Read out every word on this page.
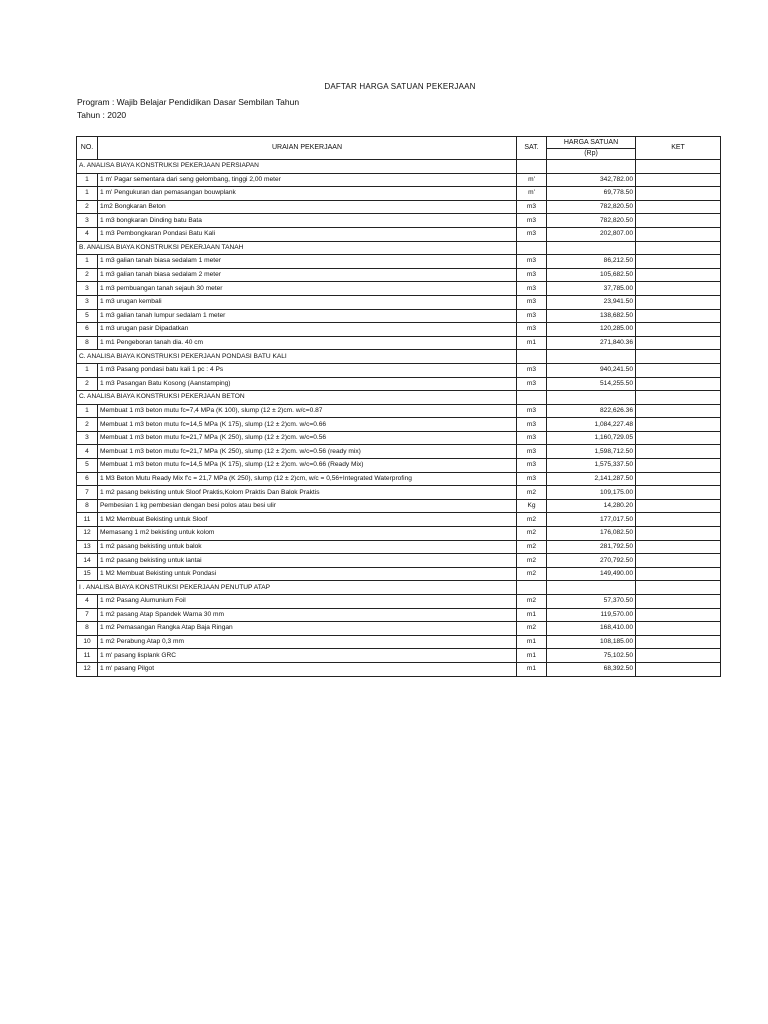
DAFTAR HARGA SATUAN PEKERJAAN
Program : Wajib Belajar Pendidikan Dasar Sembilan Tahun
Tahun : 2020
NO.	URAIAN PEKERJAAN	SAT.	HARGA SATUAN	KET
			(Rp)	
A. ANALISA BIAYA KONSTRUKSI PEKERJAAN PERSIAPAN				
1	1 m' Pagar sementara dari seng gelombang, tinggi 2,00 meter	m'	342,782.00	
1	1 m' Pengukuran dan pemasangan bouwplank	m'	69,778.50	
2	1m2 Bongkaran Beton	m3	782,820.50	
3	1 m3 bongkaran Dinding batu Bata	m3	782,820.50	
4	1 m3 Pembongkaran Pondasi Batu Kali	m3	202,807.00	
B. ANALISA BIAYA KONSTRUKSI PEKERJAAN TANAH				
1	1 m3 galian tanah biasa sedalam 1 meter	m3	86,212.50	
2	1 m3 galian tanah biasa sedalam 2 meter	m3	105,682.50	
3	1 m3 pembuangan tanah sejauh 30 meter	m3	37,785.00	
3	1 m3 urugan kembali	m3	23,941.50	
5	1 m3 galian tanah lumpur sedalam 1 meter	m3	138,682.50	
6	1 m3 urugan pasir Dipadatkan	m3	120,285.00	
8	1 m1 Pengeboran tanah dia. 40 cm	m1	271,840.36	
C. ANALISA BIAYA KONSTRUKSI PEKERJAAN PONDASI BATU KALI				
1	1 m3 Pasang pondasi batu kali 1 pc : 4 Ps	m3	940,241.50	
2	1 m3 Pasangan Batu Kosong (Aanstamping)	m3	514,255.50	
C. ANALISA BIAYA KONSTRUKSI PEKERJAAN BETON				
1	Membuat 1 m3 beton mutu fc=7,4 MPa (K 100), slump (12 ± 2)cm. w/c=0.87	m3	822,626.36	
2	Membuat 1 m3 beton mutu fc=14,5 MPa (K 175), slump (12 ± 2)cm. w/c=0.66	m3	1,084,227.48	
3	Membuat 1 m3 beton mutu fc=21,7 MPa (K 250), slump (12 ± 2)cm. w/c=0.56	m3	1,160,729.05	
4	Membuat 1 m3 beton mutu fc=21,7 MPa (K 250), slump (12 ± 2)cm. w/c=0.56 (ready mix)	m3	1,598,712.50	
5	Membuat 1 m3 beton mutu fc=14,5 MPa (K 175), slump (12 ± 2)cm. w/c=0.66 (Ready Mix)	m3	1,575,337.50	
6	1 M3 Beton Mutu Ready Mix f'c = 21,7 MPa (K 250), slump (12 ± 2)cm, w/c = 0,56+Integrated Waterprofing	m3	2,141,287.50	
7	1 m2 pasang bekisting untuk Sloof Praktis,Kolom Praktis Dan Balok Praktis	m2	109,175.00	
8	Pembesian 1 kg pembesian dengan besi polos atau besi ulir	Kg	14,280.20	
11	1 M2 Membuat Bekisting untuk Sloof	m2	177,017.50	
12	Memasang 1 m2 bekisting untuk kolom	m2	176,082.50	
13	1 m2 pasang bekisting untuk balok	m2	281,792.50	
14	1 m2 pasang bekisting untuk lantai	m2	270,792.50	
15	1 M2 Membuat Bekisting untuk Pondasi	m2	149,490.00	
I . ANALISA BIAYA KONSTRUKSI PEKERJAAN PENUTUP ATAP				
4	1 m2 Pasang Alumunium Foil	m2	57,370.50	
7	1 m2 pasang Atap Spandek Warna 30 mm	m1	119,570.00	
8	1 m2 Pemasangan Rangka Atap Baja Ringan	m2	168,410.00	
10	1 m2 Perabung Atap 0,3 mm	m1	108,185.00	
11	1 m' pasang lisplank GRC	m1	75,102.50	
12	1 m' pasang Pilgot	m1	68,392.50	
